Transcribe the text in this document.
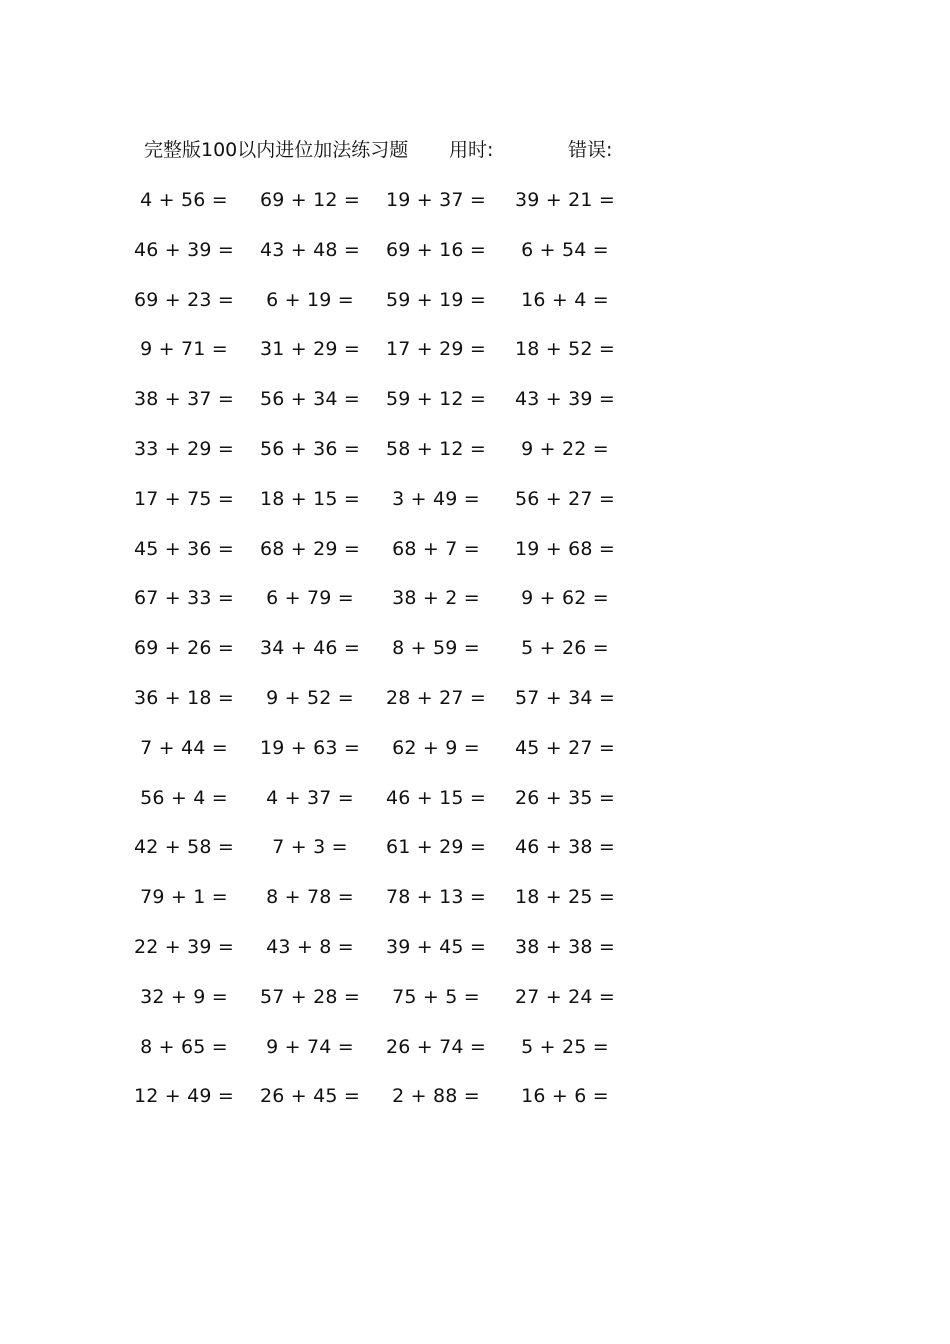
完整版100以内进位加法练习题 用时:	错误:
4 + 56 =	69 + 12 =	19 + 37 =	39 + 21 =
46 + 39 =	43 + 48 =	69 + 16 =	6 + 54 =
69 + 23 =	6 + 19 =	59 + 19 =	16 + 4 =
9 + 71 =	31 + 29 =	17 + 29 =	18 + 52 =
38 + 37 =	56 + 34 =	59 + 12 =	43 + 39 =
33 + 29 =	56 + 36 =	58 + 12 =	9 + 22 =
17 + 75 =	18 + 15 =	3 + 49 =	56 + 27 =
45 + 36 =	68 + 29 =	68 + 7 =	19 + 68 =
67 + 33 =	6 + 79 =	38 + 2 =	9 + 62 =
69 + 26 =	34 + 46 =	8 + 59 =	5 + 26 =
36 + 18 =	9 + 52 =	28 + 27 =	57 + 34 =
7 + 44 =	19 + 63 =	62 + 9 =	45 + 27 =
56 + 4 =	4 + 37 =	46 + 15 =	26 + 35 =
42 + 58 =	7 + 3 =	61 + 29 =	46 + 38 =
79 + 1 =	8 + 78 =	78 + 13 =	18 + 25 =
22 + 39 =	43 + 8 =	39 + 45 =	38 + 38 =
32 + 9 =	57 + 28 =	75 + 5 =	27 + 24 =
8 + 65 =	9 + 74 =	26 + 74 =	5 + 25 =
12 + 49 =	26 + 45 =	2 + 88 =	16 + 6 =
